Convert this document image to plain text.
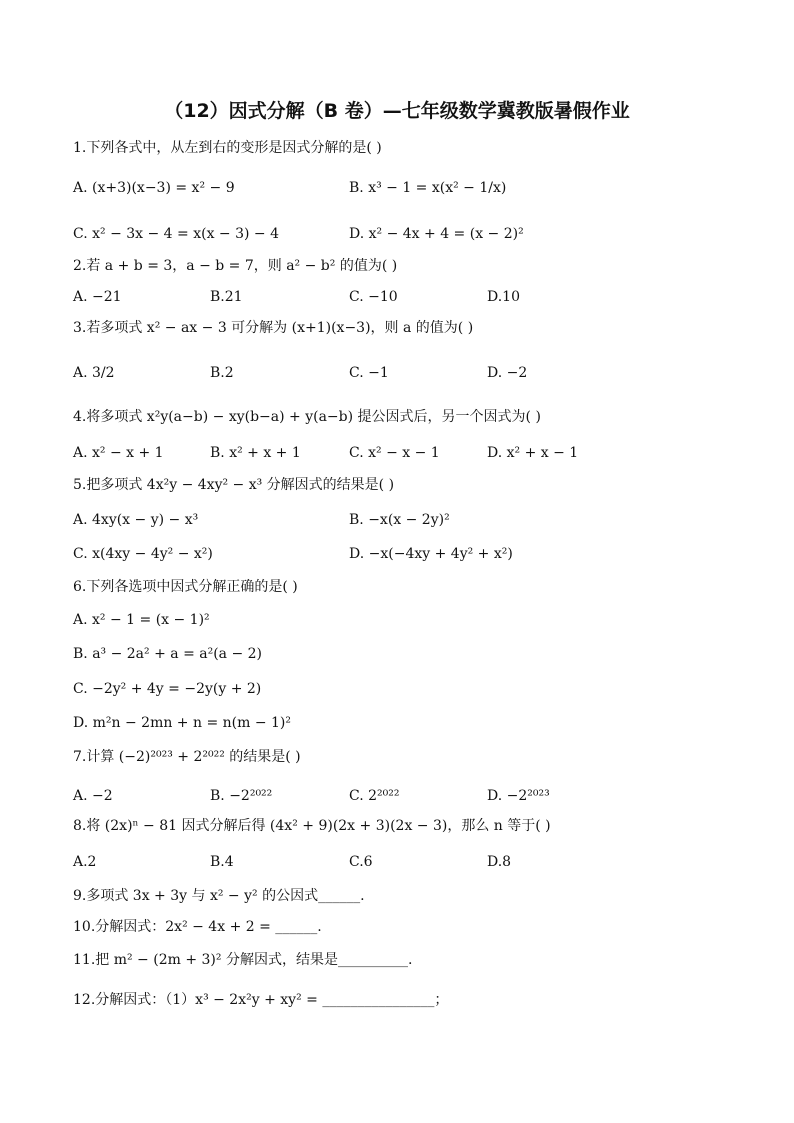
（12）因式分解（B 卷）—七年级数学冀教版暑假作业
1.下列各式中，从左到右的变形是因式分解的是( )
A. (x+3)(x−3) = x² − 9	B. x³ − 1 = x(x² − 1/x)
C. x² − 3x − 4 = x(x − 3) − 4	D. x² − 4x + 4 = (x − 2)²
2.若 a + b = 3，a − b = 7，则 a² − b² 的值为( )
A. −21	B.21	C. −10	D.10
3.若多项式 x² − ax − 3 可分解为 (x+1)(x−3)，则 a 的值为( )
A. 3/2	B.2	C. −1	D. −2
4.将多项式 x²y(a−b) − xy(b−a) + y(a−b) 提公因式后，另一个因式为( )
A. x² − x + 1	B. x² + x + 1	C. x² − x − 1	D. x² + x − 1
5.把多项式 4x²y − 4xy² − x³ 分解因式的结果是( )
A. 4xy(x − y) − x³	B. −x(x − 2y)²
C. x(4xy − 4y² − x²)	D. −x(−4xy + 4y² + x²)
6.下列各选项中因式分解正确的是( )
A. x² − 1 = (x − 1)²
B. a³ − 2a² + a = a²(a − 2)
C. −2y² + 4y = −2y(y + 2)
D. m²n − 2mn + n = n(m − 1)²
7.计算 (−2)²⁰²³ + 2²⁰²² 的结果是( )
A. −2	B. −2²⁰²²	C. 2²⁰²²	D. −2²⁰²³
8.将 (2x)ⁿ − 81 因式分解后得 (4x² + 9)(2x + 3)(2x − 3)，那么 n 等于( )
A.2	B.4	C.6	D.8
9.多项式 3x + 3y 与 x² − y² 的公因式______.
10.分解因式：2x² − 4x + 2 = ______.
11.把 m² − (2m + 3)² 分解因式，结果是__________.
12.分解因式：（1）x³ − 2x²y + xy² = ________________；
